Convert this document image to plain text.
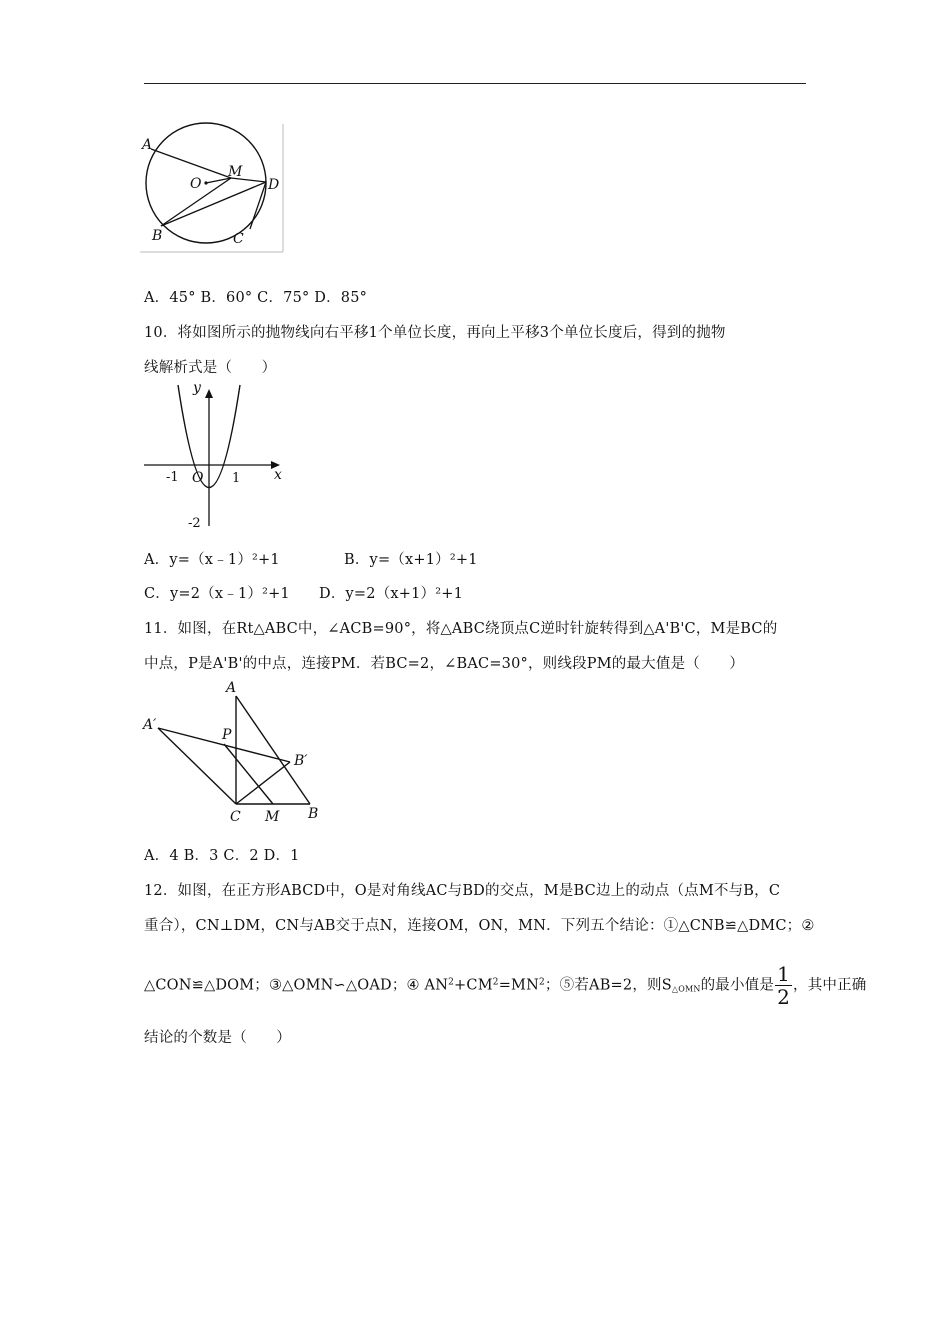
A
O
M
D
B	C
A．45° B．60° C．75° D．85°
10．将如图所示的抛物线向右平移1个单位长度，再向上平移3个单位长度后，得到的抛物
线解析式是（　　）
y
x
O
-1	1
-2
A．y=（x﹣1）²+1	B．y=（x+1）²+1
C．y=2（x﹣1）²+1 D．y=2（x+1）²+1
11．如图，在Rt△ABC中，∠ACB=90°，将△ABC绕顶点C逆时针旋转得到△A'B'C，M是BC的
中点，P是A'B'的中点，连接PM．若BC=2，∠BAC=30°，则线段PM的最大值是（　　）
A
A′
P
B′
C M B
A．4 B．3 C．2 D．1
12．如图，在正方形ABCD中，O是对角线AC与BD的交点，M是BC边上的动点（点M不与B，C
重合），CN⊥DM，CN与AB交于点N，连接OM，ON，MN．下列五个结论：①△CNB≌△DMC；②
△CON≌△DOM；③△OMN∽△OAD；④ $AN^2+CM^2=MN^2$；⑤若AB=2，则$S_{\triangle OMN}$的最小值是 $\frac{1}{2}$ ，其中正确
结论的个数是（　　）
